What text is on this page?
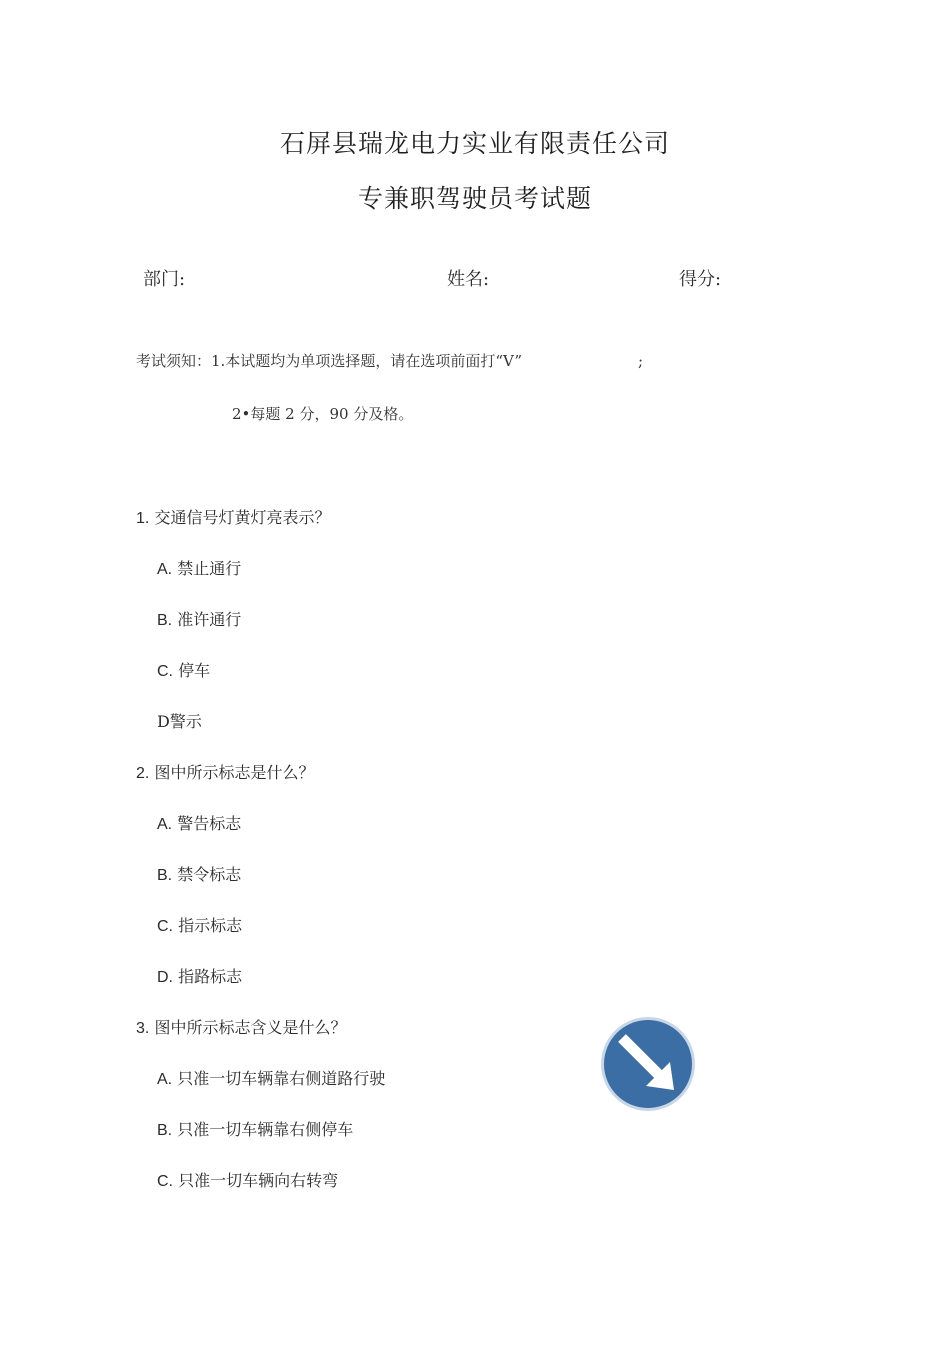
石屏县瑞龙电力实业有限责任公司
专兼职驾驶员考试题
部门:	姓名:	得分:
考试须知：1.本试题均为单项选择题，请在选项前面打“V”	;
2•每题 2 分，90 分及格。
1. 交通信号灯黄灯亮表示？
A. 禁止通行
B. 准许通行
C. 停车
D警示
2. 图中所示标志是什么？
A. 警告标志
B. 禁令标志
C. 指示标志
D. 指路标志
3. 图中所示标志含义是什么？
A. 只准一切车辆靠右侧道路行驶
B. 只准一切车辆靠右侧停车
C. 只准一切车辆向右转弯
